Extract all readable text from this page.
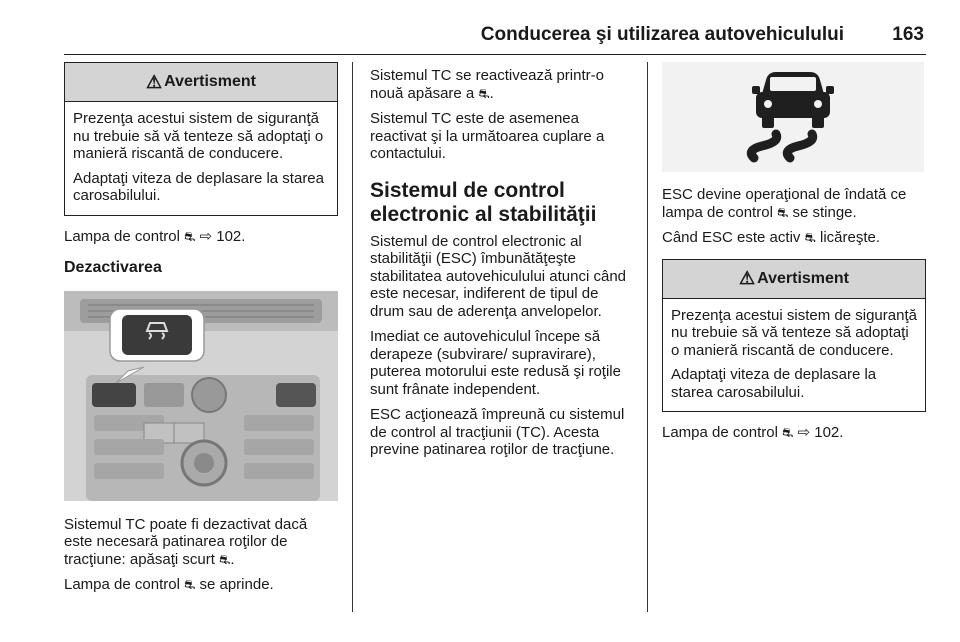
Conducerea şi utilizarea autovehiculului	163
⚠ Avertisment

Prezenţa acestui sistem de siguranţă nu trebuie să vă tenteze să adoptaţi o manieră riscantă de conducere.

Adaptaţi viteza de deplasare la starea carosabilului.

Lampa de control ⛐ ⇨ 102.

Dezactivarea

Sistemul TC poate fi dezactivat dacă este necesară patinarea roţilor de tracţiune: apăsaţi scurt ⛐.

Lampa de control ⛐ se aprinde.

Sistemul TC se reactivează printr-o nouă apăsare a ⛐.

Sistemul TC este de asemenea reactivat şi la următoarea cuplare a contactului.

Sistemul de control electronic al stabilităţii

Sistemul de control electronic al stabilităţii (ESC) îmbunătăţeşte stabilitatea autovehiculului atunci când este necesar, indiferent de tipul de drum sau de aderenţa anvelopelor.

Imediat ce autovehiculul începe să derapeze (subvirare/ supravirare), puterea motorului este redusă şi roţile sunt frânate independent.

ESC acţionează împreună cu sistemul de control al tracţiunii (TC). Acesta previne patinarea roţilor de tracţiune.

ESC devine operaţional de îndată ce lampa de control ⛐ se stinge.

Când ESC este activ ⛐ licăreşte.

⚠ Avertisment

Prezenţa acestui sistem de siguranţă nu trebuie să vă tenteze să adoptaţi o manieră riscantă de conducere.

Adaptaţi viteza de deplasare la starea carosabilului.

Lampa de control ⛐ ⇨ 102.
